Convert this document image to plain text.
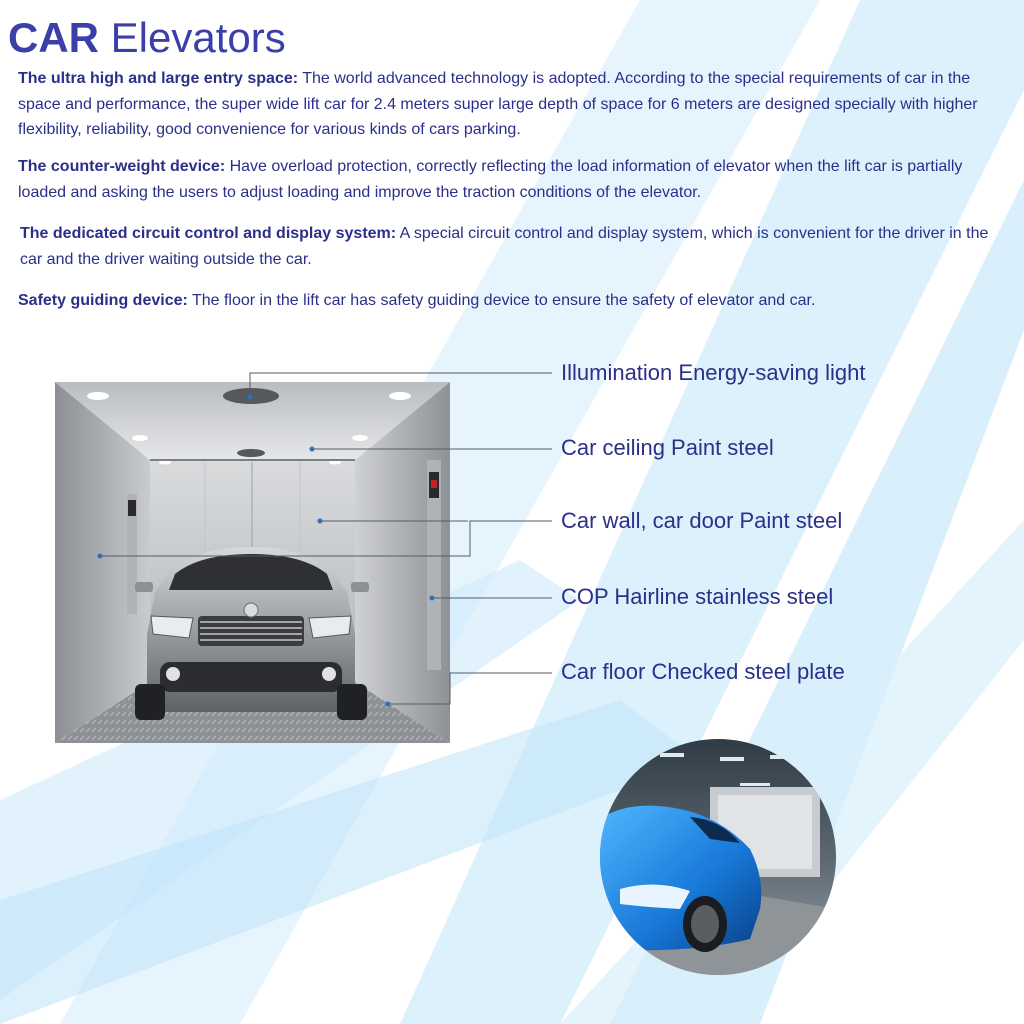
CAR Elevators

The ultra high and large entry space: The world advanced technology is adopted. According to the special requirements of car in the space and performance, the super wide lift car for 2.4 meters super large depth of space for 6 meters are designed specially with higher flexibility, reliability, good convenience for various kinds of cars parking.

The counter-weight device: Have overload protection, correctly reflecting the load information of elevator when the lift car is partially loaded and asking the users to adjust loading and improve the traction conditions of the elevator.

The dedicated circuit control and display system: A special circuit control and display system, which is convenient for the driver in the car and the driver waiting outside the car.

Safety guiding device: The floor in the lift car has safety guiding device to ensure the safety of elevator and car.

Illumination Energy-saving light
Car ceiling Paint steel
Car wall, car door Paint steel
COP Hairline stainless steel
Car floor Checked steel plate
